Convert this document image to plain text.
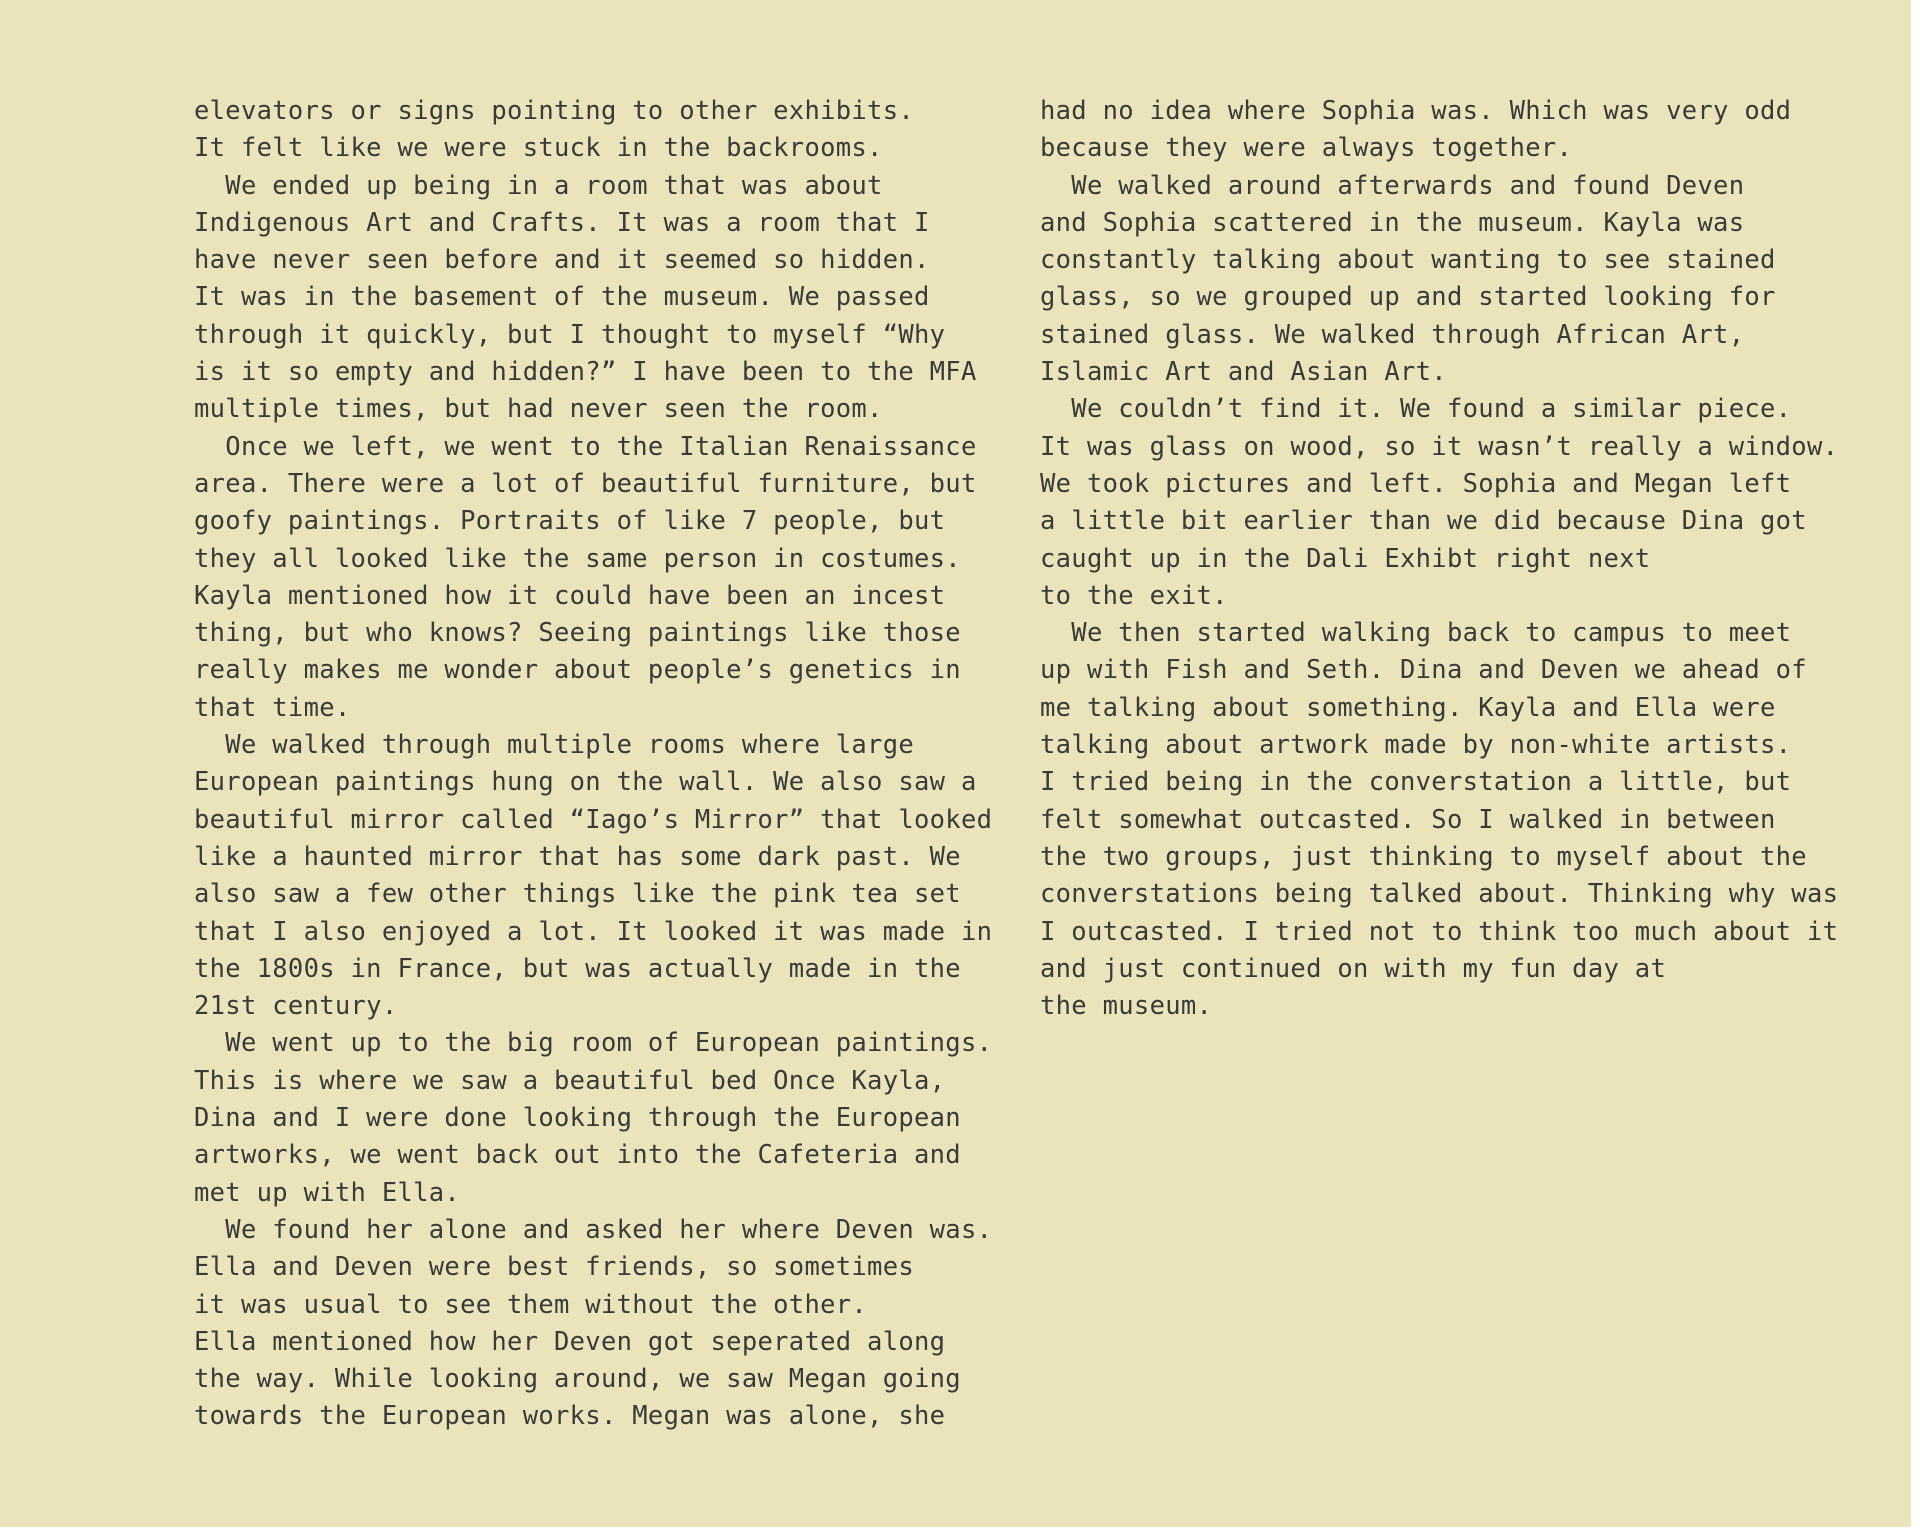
elevators or signs pointing to other exhibits.
It felt like we were stuck in the backrooms.
We ended up being in a room that was about
Indigenous Art and Crafts. It was a room that I
have never seen before and it seemed so hidden.
It was in the basement of the museum. We passed
through it quickly, but I thought to myself “Why
is it so empty and hidden?” I have been to the MFA
multiple times, but had never seen the room.
Once we left, we went to the Italian Renaissance
area. There were a lot of beautiful furniture, but
goofy paintings. Portraits of like 7 people, but
they all looked like the same person in costumes.
Kayla mentioned how it could have been an incest
thing, but who knows? Seeing paintings like those
really makes me wonder about people’s genetics in
that time.
We walked through multiple rooms where large
European paintings hung on the wall. We also saw a
beautiful mirror called “Iago’s Mirror” that looked
like a haunted mirror that has some dark past. We
also saw a few other things like the pink tea set
that I also enjoyed a lot. It looked it was made in
the 1800s in France, but was actually made in the
21st century.
We went up to the big room of European paintings.
This is where we saw a beautiful bed Once Kayla,
Dina and I were done looking through the European
artworks, we went back out into the Cafeteria and
met up with Ella.
We found her alone and asked her where Deven was.
Ella and Deven were best friends, so sometimes
it was usual to see them without the other.
Ella mentioned how her Deven got seperated along
the way. While looking around, we saw Megan going
towards the European works. Megan was alone, she
had no idea where Sophia was. Which was very odd
because they were always together.
We walked around afterwards and found Deven
and Sophia scattered in the museum. Kayla was
constantly talking about wanting to see stained
glass, so we grouped up and started looking for
stained glass. We walked through African Art,
Islamic Art and Asian Art.
We couldn’t find it. We found a similar piece.
It was glass on wood, so it wasn’t really a window.
We took pictures and left. Sophia and Megan left
a little bit earlier than we did because Dina got
caught up in the Dali Exhibt right next
to the exit.
We then started walking back to campus to meet
up with Fish and Seth. Dina and Deven we ahead of
me talking about something. Kayla and Ella were
talking about artwork made by non-white artists.
I tried being in the converstation a little, but
felt somewhat outcasted. So I walked in between
the two groups, just thinking to myself about the
converstations being talked about. Thinking why was
I outcasted. I tried not to think too much about it
and just continued on with my fun day at
the museum.
